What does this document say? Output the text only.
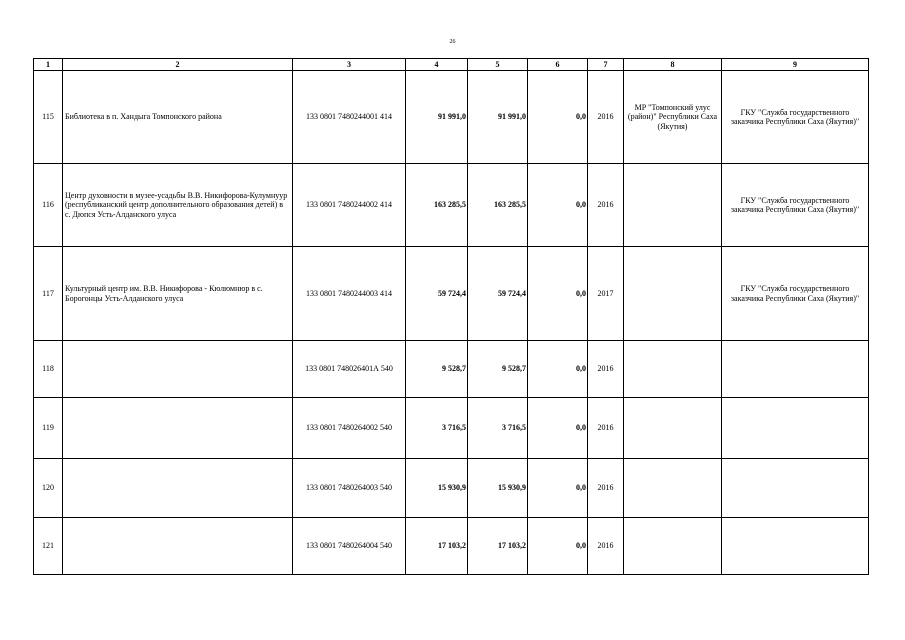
26
1	2	3	4	5	6	7	8	9
115	Библиотека в п. Хандыга Томпонского района	133 0801 7480244001 414	91 991,0	91 991,0	0,0	2016	МР "Томпонский улус (район)" Республики Саха (Якутия)	ГКУ "Служба государственного заказчика Республики Саха (Якутия)"
116	Центр духовности в музее-усадьбы В.В. Никифорова-Кулумнуур (республиканский центр дополнительного образования детей) в с. Дюпся Усть-Алданского улуса	133 0801 7480244002 414	163 285,5	163 285,5	0,0	2016		ГКУ "Служба государственного заказчика Республики Саха (Якутия)"
117	Культурный центр им. В.В. Никифорова - Кюлюмнюр в с. Борогонцы Усть-Алданского улуса	133 0801 7480244003 414	59 724,4	59 724,4	0,0	2017		ГКУ "Служба государственного заказчика Республики Саха (Якутия)"
118		133 0801 748026401А 540	9 528,7	9 528,7	0,0	2016		
119		133 0801 7480264002 540	3 716,5	3 716,5	0,0	2016		
120		133 0801 7480264003 540	15 930,9	15 930,9	0,0	2016		
121		133 0801 7480264004 540	17 103,2	17 103,2	0,0	2016		
